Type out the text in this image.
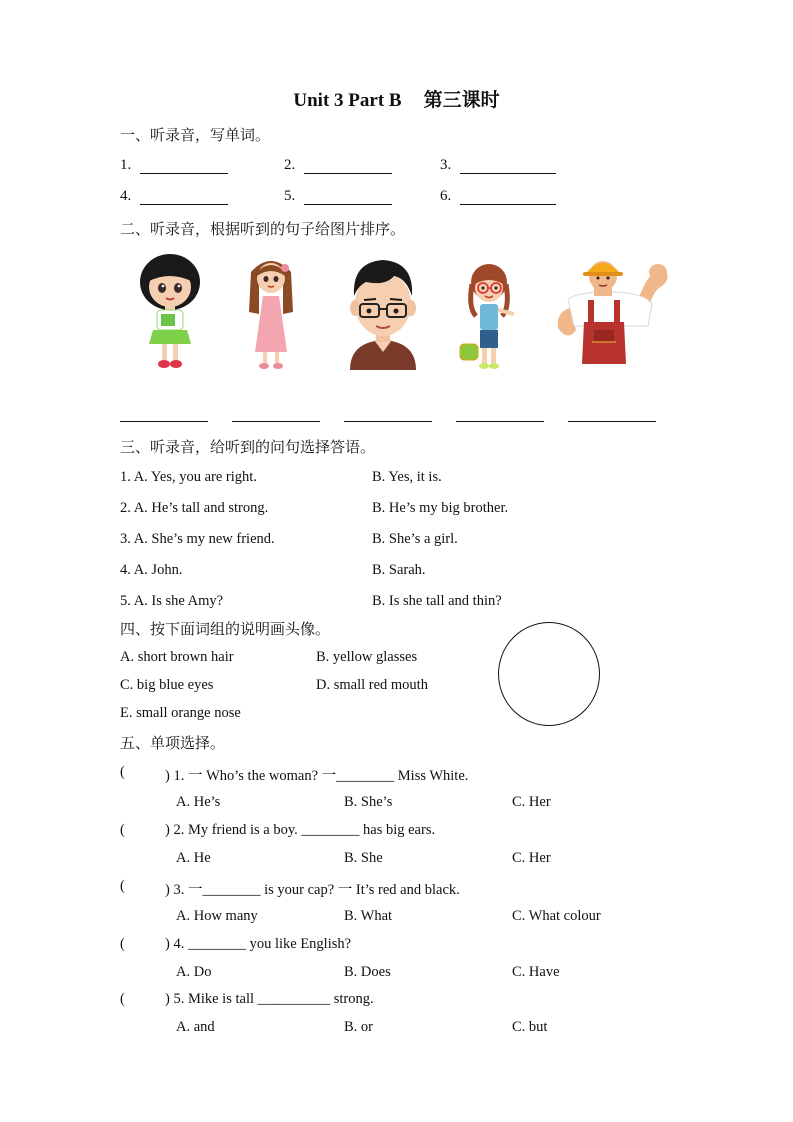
Unit 3 Part B 第三课时
一、听录音，写单词。
1.	2.	3.
4.	5.	6.
二、听录音，根据听到的句子给图片排序。
三、听录音，给听到的问句选择答语。
1. A. Yes, you are right.	B. Yes, it is.
2. A. He’s tall and strong.	B. He’s my big brother.
3. A. She’s my new friend.	B. She’s a girl.
4. A. John.	B. Sarah.
5. A. Is she Amy?	B. Is she tall and thin?
四、按下面词组的说明画头像。
A. short brown hair	B. yellow glasses
C. big blue eyes	D. small red mouth
E. small orange nose
五、单项选择。
(	) 1. 一 Who’s the woman? 一________ Miss White.
A. He’s	B. She’s	C. Her
(	) 2. My friend is a boy. ________ has big ears.
A. He	B. She	C. Her
(	) 3. 一________ is your cap? 一 It’s red and black.
A. How many	B. What	C. What colour
(	) 4. ________ you like English?
A. Do	B. Does	C. Have
(	) 5. Mike is tall __________ strong.
A. and	B. or	C. but
